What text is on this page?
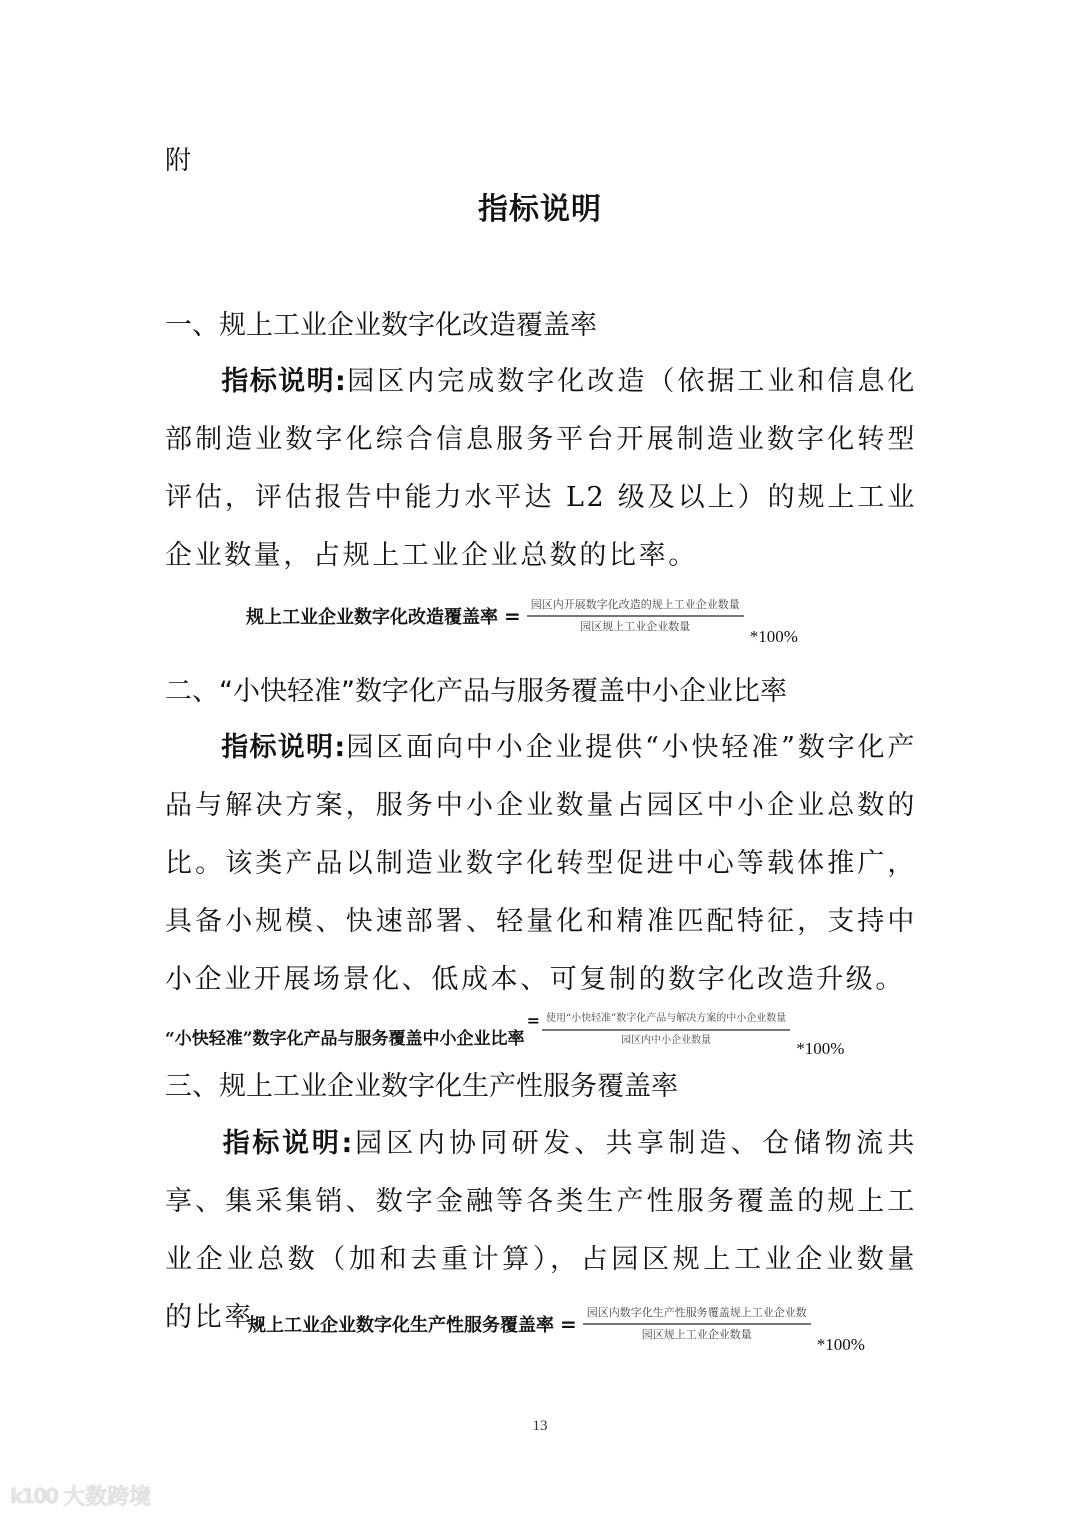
附
指标说明
一、规上工业企业数字化改造覆盖率
指标说明:园区内完成数字化改造（依据工业和信息化部制造业数字化综合信息服务平台开展制造业数字化转型评估，评估报告中能力水平达 L2 级及以上）的规上工业企业数量，占规上工业企业总数的比率。
规上工业企业数字化改造覆盖率 = $\frac{\text{园区内开展数字化改造的规上工业企业数量}}{\text{园区规上工业企业数量}}$
*100%
二、“小快轻准”数字化产品与服务覆盖中小企业比率
指标说明:园区面向中小企业提供“小快轻准”数字化产品与解决方案，服务中小企业数量占园区中小企业总数的比。该类产品以制造业数字化转型促进中心等载体推广，具备小规模、快速部署、轻量化和精准匹配特征，支持中小企业开展场景化、低成本、可复制的数字化改造升级。
“小快轻准”数字化产品与服务覆盖中小企业比率
= $\frac{\text{使用“小快轻准”数字化产品与解决方案的中小企业数量}}{\text{园区内中小企业数量}} *100\%$
三、规上工业企业数字化生产性服务覆盖率
指标说明:园区内协同研发、共享制造、仓储物流共享、集采集销、数字金融等各类生产性服务覆盖的规上工业企业总数（加和去重计算），占园区规上工业企业数量的比率。
规上工业企业数字化生产性服务覆盖率 = $\frac{\text{园区内数字化生产性服务覆盖规上工业企业数}}{\text{园区规上工业企业数量}}$
*100%
13
k100 大数跨境
